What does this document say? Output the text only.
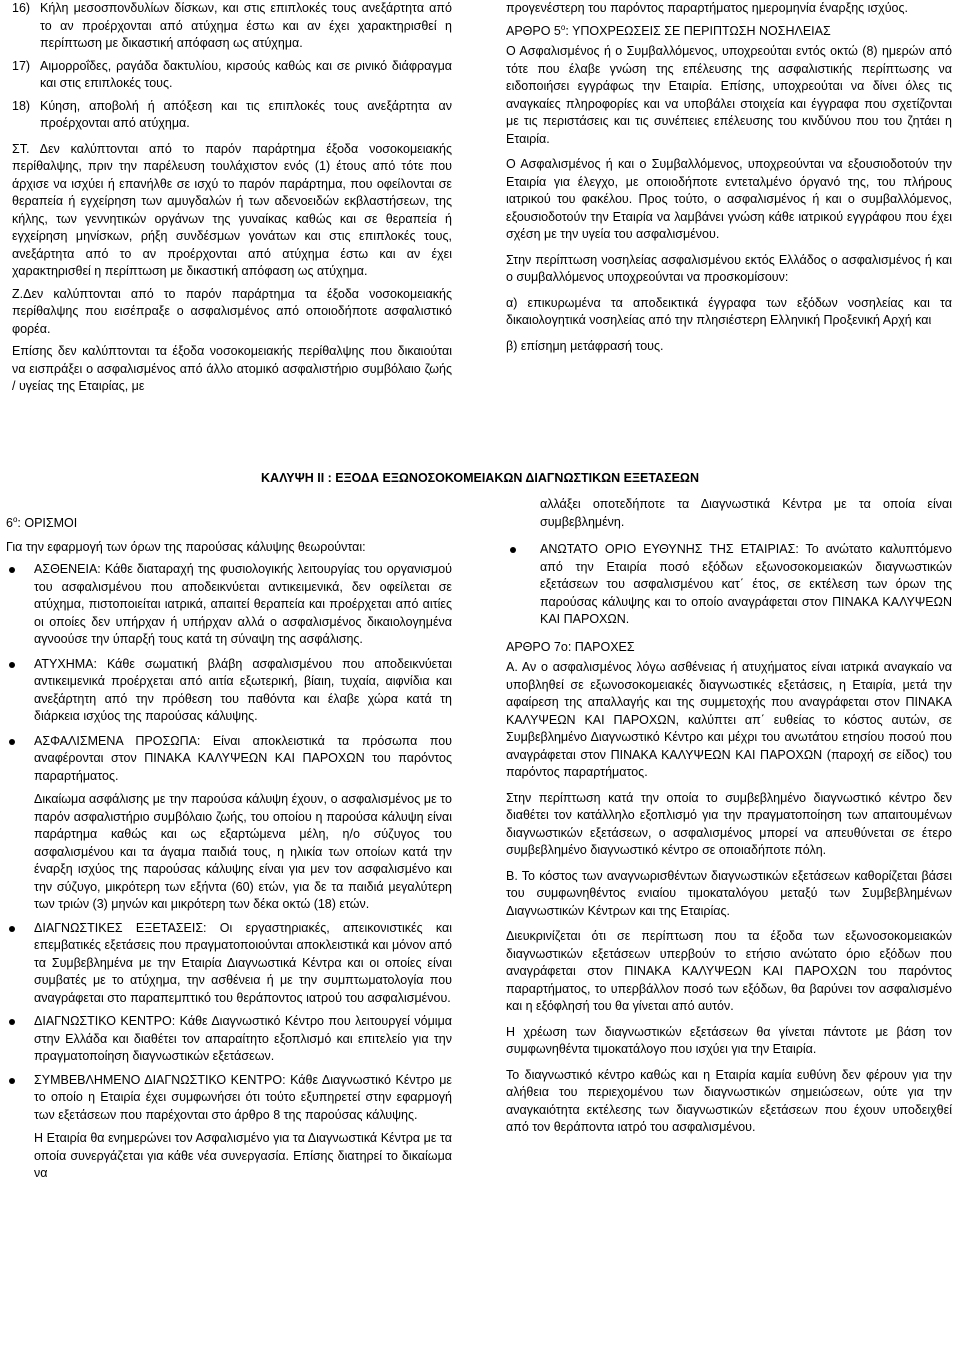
16) Κήλη μεσοσπονδυλίων δίσκων, και στις επιπλοκές τους ανεξάρτητα από το αν προέρχονται από ατύχημα έστω και αν έχει χαρακτηρισθεί η περίπτωση με δικαστική απόφαση ως ατύχημα.
17) Αιμορροΐδες, ραγάδα δακτυλίου, κιρσούς καθώς και σε ρινικό διάφραγμα και στις επιπλοκές τους.
18) Κύηση, αποβολή ή απόξεση και τις επιπλοκές τους ανεξάρτητα αν προέρχονται από ατύχημα.

ΣΤ. Δεν καλύπτονται από το παρόν παράρτημα έξοδα νοσοκομειακής περίθαλψης, πριν την παρέλευση τουλάχιστον ενός (1) έτους από τότε που άρχισε να ισχύει ή επανήλθε σε ισχύ το παρόν παράρτημα, που οφείλονται σε θεραπεία ή εγχείρηση των αμυγδαλών ή των αδενοειδών εκβλαστήσεων, της κήλης, των γεννητικών οργάνων της γυναίκας καθώς και σε θεραπεία ή εγχείρηση μηνίσκων, ρήξη συνδέσμων γονάτων και στις επιπλοκές τους, ανεξάρτητα από το αν προέρχονται από ατύχημα έστω και αν έχει χαρακτηρισθεί η περίπτωση με δικαστική απόφαση ως ατύχημα.

Ζ.Δεν καλύπτονται από το παρόν παράρτημα τα έξοδα νοσοκομειακής περίθαλψης που εισέπραξε ο ασφαλισμένος από οποιοδήποτε ασφαλιστικό φορέα.

Επίσης δεν καλύπτονται τα έξοδα νοσοκομειακής περίθαλψης που δικαιούται να εισπράξει ο ασφαλισμένος από άλλο ατομικό ασφαλιστήριο συμβόλαιο ζωής / υγείας της Εταιρίας, με

προγενέστερη του παρόντος παραρτήματος ημερομηνία έναρξης ισχύος.

ΑΡΘΡΟ $5^o$: ΥΠΟΧΡΕΩΣΕΙΣ ΣΕ ΠΕΡΙΠΤΩΣΗ ΝΟΣΗΛΕΙΑΣ

Ο Ασφαλισμένος ή ο Συμβαλλόμενος, υποχρεούται εντός οκτώ (8) ημερών από τότε που έλαβε γνώση της επέλευσης της ασφαλιστικής περίπτωσης να ειδοποιήσει εγγράφως την Εταιρία. Επίσης, υποχρεούται να δίνει όλες τις αναγκαίες πληροφορίες και να υποβάλει στοιχεία και έγγραφα που σχετίζονται με τις περιστάσεις και τις συνέπειες επέλευσης του κινδύνου που του ζητάει η Εταιρία.

Ο Ασφαλισμένος ή και ο Συμβαλλόμενος, υποχρεούνται να εξουσιοδοτούν την Εταιρία για έλεγχο, με οποιοδήποτε εντεταλμένο όργανό της, του πλήρους ιατρικού του φακέλου. Προς τούτο, ο ασφαλισμένος ή και ο συμβαλλόμενος, εξουσιοδοτούν την Εταιρία να λαμβάνει γνώση κάθε ιατρικού εγγράφου που έχει σχέση με την υγεία του ασφαλισμένου.

Στην περίπτωση νοσηλείας ασφαλισμένου εκτός Ελλάδος ο ασφαλισμένος ή και ο συμβαλλόμενος υποχρεούνται να προσκομίσουν:

α) επικυρωμένα τα αποδεικτικά έγγραφα των εξόδων νοσηλείας και τα δικαιολογητικά νοσηλείας από την πλησιέστερη Ελληνική Προξενική Αρχή και

β) επίσημη μετάφρασή τους.

ΚΑΛΥΨΗ ΙΙ : ΕΞΟΔΑ ΕΞΩΝΟΣΟΚΟΜΕΙΑΚΩΝ ΔΙΑΓΝΩΣΤΙΚΩΝ ΕΞΕΤΑΣΕΩΝ

$6^o$: ΟΡΙΣΜΟΙ

Για την εφαρμογή των όρων της παρούσας κάλυψης θεωρούνται:

ΑΣΘΕΝΕΙΑ: Κάθε διαταραχή της φυσιολογικής λειτουργίας του οργανισμού του ασφαλισμένου που αποδεικνύεται αντικειμενικά, δεν οφείλεται σε ατύχημα, πιστοποιείται ιατρικά, απαιτεί θεραπεία και προέρχεται από αιτίες οι οποίες δεν υπήρχαν ή υπήρχαν αλλά ο ασφαλισμένος δικαιολογημένα αγνοούσε την ύπαρξή τους κατά τη σύναψη της ασφάλισης.
ΑΤΥΧΗΜΑ: Κάθε σωματική βλάβη ασφαλισμένου που αποδεικνύεται αντικειμενικά προέρχεται από αιτία εξωτερική, βίαιη, τυχαία, αιφνίδια και ανεξάρτητη από την πρόθεση του παθόντα και έλαβε χώρα κατά τη διάρκεια ισχύος της παρούσας κάλυψης.
ΑΣΦΑΛΙΣΜΕΝΑ ΠΡΟΣΩΠΑ: Είναι αποκλειστικά τα πρόσωπα που αναφέρονται στον ΠΙΝΑΚΑ ΚΑΛΥΨΕΩΝ ΚΑΙ ΠΑΡΟΧΩΝ του παρόντος παραρτήματος.

Δικαίωμα ασφάλισης με την παρούσα κάλυψη έχουν, ο ασφαλισμένος με το παρόν ασφαλιστήριο συμβόλαιο ζωής, του οποίου η παρούσα κάλυψη είναι παράρτημα καθώς και ως εξαρτώμενα μέλη, η/ο σύζυγος του ασφαλισμένου και τα άγαμα παιδιά τους, η ηλικία των οποίων κατά την έναρξη ισχύος της παρούσας κάλυψης είναι για μεν τον ασφαλισμένο και την σύζυγο, μικρότερη των εξήντα (60) ετών, για δε τα παιδιά μεγαλύτερη των τριών (3) μηνών και μικρότερη των δέκα οκτώ (18) ετών.

ΔΙΑΓΝΩΣΤΙΚΕΣ ΕΞΕΤΑΣΕΙΣ: Οι εργαστηριακές, απεικονιστικές και επεμβατικές εξετάσεις που πραγματοποιούνται αποκλειστικά και μόνον από τα Συμβεβλημένα με την Εταιρία Διαγνωστικά Κέντρα και οι οποίες είναι συμβατές με το ατύχημα, την ασθένεια ή με την συμπτωματολογία που αναγράφεται στο παραπεμπτικό του θεράποντος ιατρού του ασφαλισμένου.
ΔΙΑΓΝΩΣΤΙΚΟ ΚΕΝΤΡΟ: Κάθε Διαγνωστικό Κέντρο που λειτουργεί νόμιμα στην Ελλάδα και διαθέτει τον απαραίτητο εξοπλισμό και επιτελείο για την πραγματοποίηση διαγνωστικών εξετάσεων.
ΣΥΜΒΕΒΛΗΜΕΝΟ ΔΙΑΓΝΩΣΤΙΚΟ ΚΕΝΤΡΟ: Κάθε Διαγνωστικό Κέντρο με το οποίο η Εταιρία έχει συμφωνήσει ότι τούτο εξυπηρετεί στην εφαρμογή των εξετάσεων που παρέχονται στο άρθρο 8 της παρούσας κάλυψης.

Η Εταιρία θα ενημερώνει τον Ασφαλισμένο για τα Διαγνωστικά Κέντρα με τα οποία συνεργάζεται για κάθε νέα συνεργασία. Επίσης διατηρεί το δικαίωμα να

αλλάξει οποτεδήποτε τα Διαγνωστικά Κέντρα με τα οποία είναι συμβεβλημένη.

ΑΝΩΤΑΤΟ ΟΡΙΟ ΕΥΘΥΝΗΣ ΤΗΣ ΕΤΑΙΡΙΑΣ: Το ανώτατο καλυπτόμενο από την Εταιρία ποσό εξόδων εξωνοσοκομειακών διαγνωστικών εξετάσεων του ασφαλισμένου κατ΄ έτος, σε εκτέλεση των όρων της παρούσας κάλυψης και το οποίο αναγράφεται στον ΠΙΝΑΚΑ ΚΑΛΥΨΕΩΝ ΚΑΙ ΠΑΡΟΧΩΝ.

ΑΡΘΡΟ 7ο: ΠΑΡΟΧΕΣ

Α. Αν ο ασφαλισμένος λόγω ασθένειας ή ατυχήματος είναι ιατρικά αναγκαίο να υποβληθεί σε εξωνοσοκομειακές διαγνωστικές εξετάσεις, η Εταιρία, μετά την αφαίρεση της απαλλαγής και της συμμετοχής που αναγράφεται στον ΠΙΝΑΚΑ ΚΑΛΥΨΕΩΝ ΚΑΙ ΠΑΡΟΧΩΝ, καλύπτει απ΄ ευθείας το κόστος αυτών, σε Συμβεβλημένο Διαγνωστικό Κέντρο και μέχρι του ανωτάτου ετησίου ποσού που αναγράφεται στον ΠΙΝΑΚΑ ΚΑΛΥΨΕΩΝ ΚΑΙ ΠΑΡΟΧΩΝ (παροχή σε είδος) του παρόντος παραρτήματος.

Στην περίπτωση κατά την οποία το συμβεβλημένο διαγνωστικό κέντρο δεν διαθέτει τον κατάλληλο εξοπλισμό για την πραγματοποίηση των απαιτουμένων διαγνωστικών εξετάσεων, ο ασφαλισμένος μπορεί να απευθύνεται σε έτερο συμβεβλημένο διαγνωστικό κέντρο σε οποιαδήποτε πόλη.

Β. Το κόστος των αναγνωρισθέντων διαγνωστικών εξετάσεων καθορίζεται βάσει του συμφωνηθέντος ενιαίου τιμοκαταλόγου μεταξύ των Συμβεβλημένων Διαγνωστικών Κέντρων και της Εταιρίας.

Διευκρινίζεται ότι σε περίπτωση που τα έξοδα των εξωνοσοκομειακών διαγνωστικών εξετάσεων υπερβούν το ετήσιο ανώτατο όριο εξόδων που αναγράφεται στον ΠΙΝΑΚΑ ΚΑΛΥΨΕΩΝ ΚΑΙ ΠΑΡΟΧΩΝ του παρόντος παραρτήματος, το υπερβάλλον ποσό των εξόδων, θα βαρύνει τον ασφαλισμένο και η εξόφλησή του θα γίνεται από αυτόν.

Η χρέωση των διαγνωστικών εξετάσεων θα γίνεται πάντοτε με βάση τον συμφωνηθέντα τιμοκατάλογο που ισχύει για την Εταιρία.

Το διαγνωστικό κέντρο καθώς και η Εταιρία καμία ευθύνη δεν φέρουν για την αλήθεια του περιεχομένου των διαγνωστικών σημειώσεων, ούτε για την αναγκαιότητα εκτέλεσης των διαγνωστικών εξετάσεων που έχουν υποδειχθεί από τον θεράποντα ιατρό του ασφαλισμένου.
